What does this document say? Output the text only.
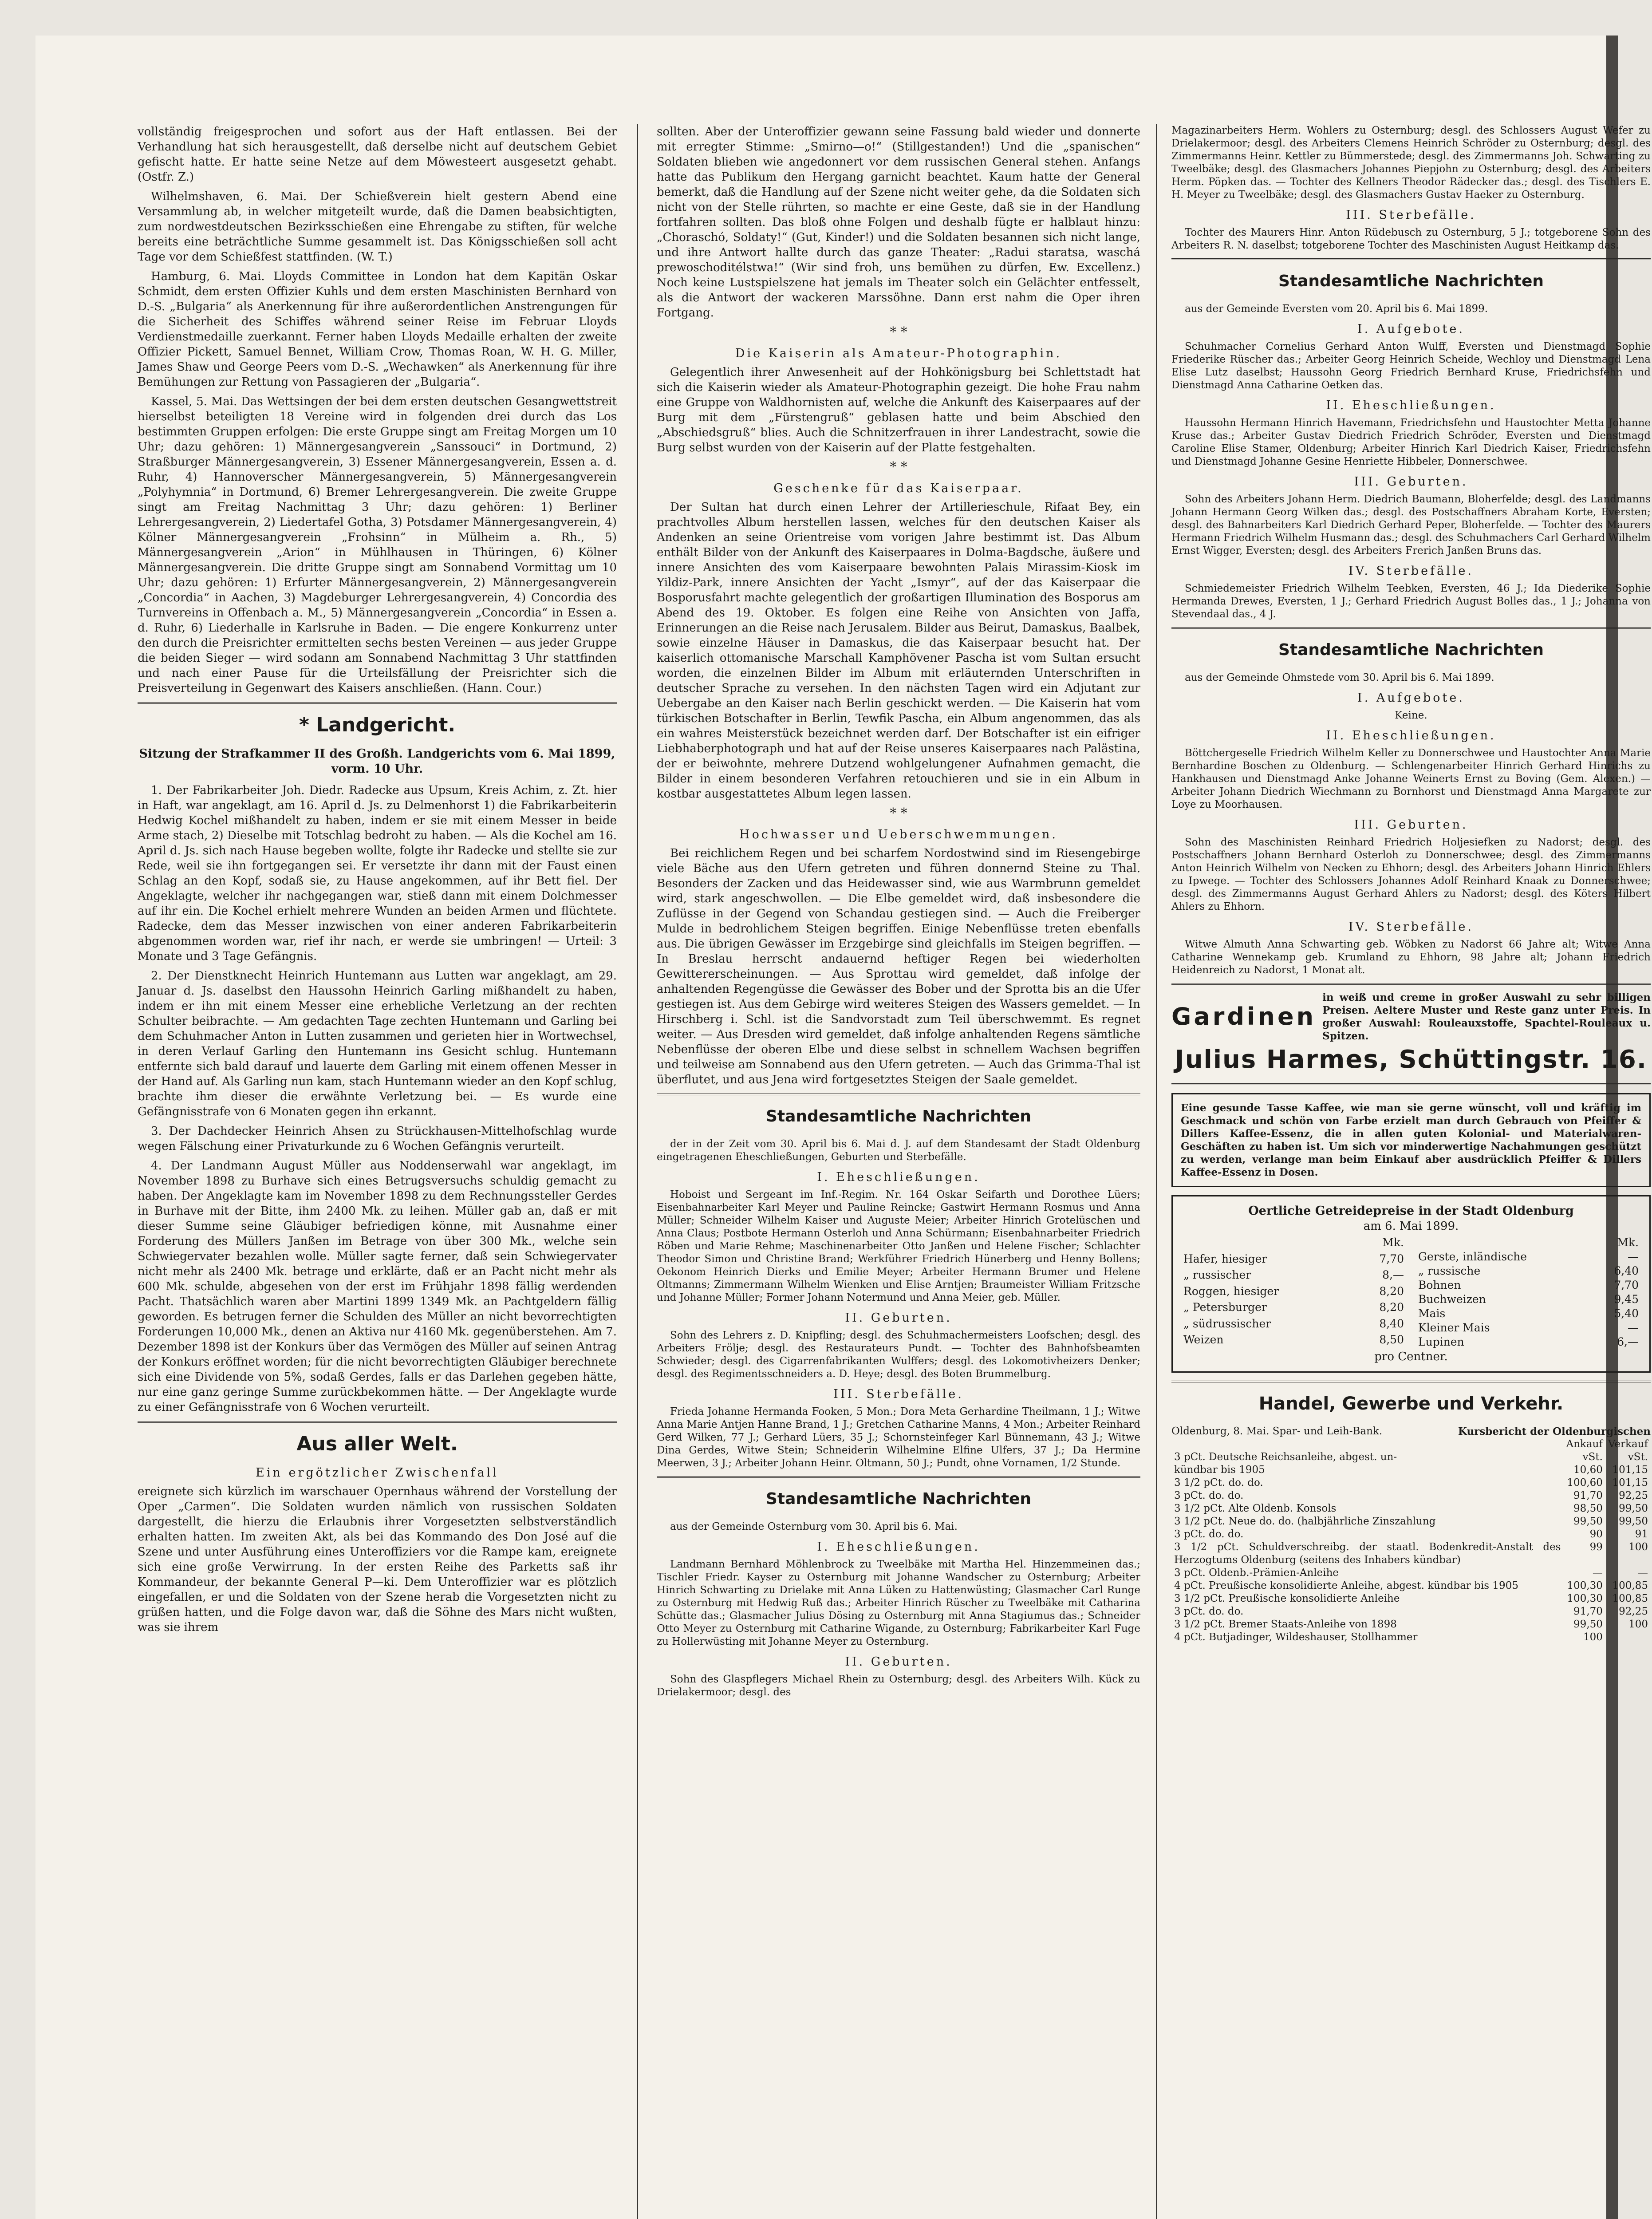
vollständig freigesprochen und sofort aus der Haft entlassen. Bei der Verhandlung hat sich herausgestellt, daß derselbe nicht auf deutschem Gebiet gefischt hatte. Er hatte seine Netze auf dem Möwesteert ausgesetzt gehabt. (Ostfr. Z.)

Wilhelmshaven, 6. Mai. Der Schießverein hielt gestern Abend eine Versammlung ab, in welcher mitgeteilt wurde, daß die Damen beabsichtigten, zum nordwestdeutschen Bezirksschießen eine Ehrengabe zu stiften, für welche bereits eine beträchtliche Summe gesammelt ist. Das Königsschießen soll acht Tage vor dem Schießfest stattfinden. (W. T.)

Hamburg, 6. Mai. Lloyds Committee in London hat dem Kapitän Oskar Schmidt, dem ersten Offizier Kuhls und dem ersten Maschinisten Bernhard von D.-S. „Bulgaria“ als Anerkennung für ihre außerordentlichen Anstrengungen für die Sicherheit des Schiffes während seiner Reise im Februar Lloyds Verdienstmedaille zuerkannt. Ferner haben Lloyds Medaille erhalten der zweite Offizier Pickett, Samuel Bennet, William Crow, Thomas Roan, W. H. G. Miller, James Shaw und George Peers vom D.-S. „Wechawken“ als Anerkennung für ihre Bemühungen zur Rettung von Passagieren der „Bulgaria“.

Kassel, 5. Mai. Das Wettsingen der bei dem ersten deutschen Gesangwettstreit hierselbst beteiligten 18 Vereine wird in folgenden drei durch das Los bestimmten Gruppen erfolgen: Die erste Gruppe singt am Freitag Morgen um 10 Uhr; dazu gehören: 1) Männergesangverein „Sanssouci“ in Dortmund, 2) Straßburger Männergesangverein, 3) Essener Männergesangverein, Essen a. d. Ruhr, 4) Hannoverscher Männergesangverein, 5) Männergesangverein „Polyhymnia“ in Dortmund, 6) Bremer Lehrergesangverein. Die zweite Gruppe singt am Freitag Nachmittag 3 Uhr; dazu gehören: 1) Berliner Lehrergesangverein, 2) Liedertafel Gotha, 3) Potsdamer Männergesangverein, 4) Kölner Männergesangverein „Frohsinn“ in Mülheim a. Rh., 5) Männergesangverein „Arion“ in Mühlhausen in Thüringen, 6) Kölner Männergesangverein. Die dritte Gruppe singt am Sonnabend Vormittag um 10 Uhr; dazu gehören: 1) Erfurter Männergesangverein, 2) Männergesangverein „Concordia“ in Aachen, 3) Magdeburger Lehrergesangverein, 4) Concordia des Turnvereins in Offenbach a. M., 5) Männergesangverein „Concordia“ in Essen a. d. Ruhr, 6) Liederhalle in Karlsruhe in Baden. — Die engere Konkurrenz unter den durch die Preisrichter ermittelten sechs besten Vereinen — aus jeder Gruppe die beiden Sieger — wird sodann am Sonnabend Nachmittag 3 Uhr stattfinden und nach einer Pause für die Urteilsfällung der Preisrichter sich die Preisverteilung in Gegenwart des Kaisers anschließen. (Hann. Cour.)

* Landgericht.
Sitzung der Strafkammer II des Großh. Landgerichts vom 6. Mai 1899, vorm. 10 Uhr.

1. Der Fabrikarbeiter Joh. Diedr. Radecke aus Upsum, Kreis Achim, z. Zt. hier in Haft, war angeklagt, am 16. April d. Js. zu Delmenhorst 1) die Fabrikarbeiterin Hedwig Kochel mißhandelt zu haben, indem er sie mit einem Messer in beide Arme stach, 2) Dieselbe mit Totschlag bedroht zu haben. — Als die Kochel am 16. April d. Js. sich nach Hause begeben wollte, folgte ihr Radecke und stellte sie zur Rede, weil sie ihn fortgegangen sei. Er versetzte ihr dann mit der Faust einen Schlag an den Kopf, sodaß sie, zu Hause angekommen, auf ihr Bett fiel. Der Angeklagte, welcher ihr nachgegangen war, stieß dann mit einem Dolchmesser auf ihr ein. Die Kochel erhielt mehrere Wunden an beiden Armen und flüchtete. Radecke, dem das Messer inzwischen von einer anderen Fabrikarbeiterin abgenommen worden war, rief ihr nach, er werde sie umbringen! — Urteil: 3 Monate und 3 Tage Gefängnis.

2. Der Dienstknecht Heinrich Huntemann aus Lutten war angeklagt, am 29. Januar d. Js. daselbst den Haussohn Heinrich Garling mißhandelt zu haben, indem er ihn mit einem Messer eine erhebliche Verletzung an der rechten Schulter beibrachte. — Am gedachten Tage zechten Huntemann und Garling bei dem Schuhmacher Anton in Lutten zusammen und gerieten hier in Wortwechsel, in deren Verlauf Garling den Huntemann ins Gesicht schlug. Huntemann entfernte sich bald darauf und lauerte dem Garling mit einem offenen Messer in der Hand auf. Als Garling nun kam, stach Huntemann wieder an den Kopf schlug, brachte ihm dieser die erwähnte Verletzung bei. — Es wurde eine Gefängnisstrafe von 6 Monaten gegen ihn erkannt.

3. Der Dachdecker Heinrich Ahsen zu Strückhausen-Mittelhofschlag wurde wegen Fälschung einer Privaturkunde zu 6 Wochen Gefängnis verurteilt.

4. Der Landmann August Müller aus Noddenserwahl war angeklagt, im November 1898 zu Burhave sich eines Betrugsversuchs schuldig gemacht zu haben. Der Angeklagte kam im November 1898 zu dem Rechnungssteller Gerdes in Burhave mit der Bitte, ihm 2400 Mk. zu leihen. Müller gab an, daß er mit dieser Summe seine Gläubiger befriedigen könne, mit Ausnahme einer Forderung des Müllers Janßen im Betrage von über 300 Mk., welche sein Schwiegervater bezahlen wolle. Müller sagte ferner, daß sein Schwiegervater nicht mehr als 2400 Mk. betrage und erklärte, daß er an Pacht nicht mehr als 600 Mk. schulde, abgesehen von der erst im Frühjahr 1898 fällig werdenden Pacht. Thatsächlich waren aber Martini 1899 1349 Mk. an Pachtgeldern fällig geworden. Es betrugen ferner die Schulden des Müller an nicht bevorrechtigten Forderungen 10,000 Mk., denen an Aktiva nur 4160 Mk. gegenüberstehen. Am 7. Dezember 1898 ist der Konkurs über das Vermögen des Müller auf seinen Antrag der Konkurs eröffnet worden; für die nicht bevorrechtigten Gläubiger berechnete sich eine Dividende von 5%, sodaß Gerdes, falls er das Darlehen gegeben hätte, nur eine ganz geringe Summe zurückbekommen hätte. — Der Angeklagte wurde zu einer Gefängnisstrafe von 6 Wochen verurteilt.

Aus aller Welt.
Ein ergötzlicher Zwischenfall

ereignete sich kürzlich im warschauer Opernhaus während der Vorstellung der Oper „Carmen“. Die Soldaten wurden nämlich von russischen Soldaten dargestellt, die hierzu die Erlaubnis ihrer Vorgesetzten selbstverständlich erhalten hatten. Im zweiten Akt, als bei das Kommando des Don José auf die Szene und unter Ausführung eines Unteroffiziers vor die Rampe kam, ereignete sich eine große Verwirrung. In der ersten Reihe des Parketts saß ihr Kommandeur, der bekannte General P—ki. Dem Unteroffizier war es plötzlich eingefallen, er und die Soldaten von der Szene herab die Vorgesetzten nicht zu grüßen hatten, und die Folge davon war, daß die Söhne des Mars nicht wußten, was sie ihrem

sollten. Aber der Unteroffizier gewann seine Fassung bald wieder und donnerte mit erregter Stimme: „Smirno—o!“ (Stillgestanden!) Und die „spanischen“ Soldaten blieben wie angedonnert vor dem russischen General stehen. Anfangs hatte das Publikum den Hergang garnicht beachtet. Kaum hatte der General bemerkt, daß die Handlung auf der Szene nicht weiter gehe, da die Soldaten sich nicht von der Stelle rührten, so machte er eine Geste, daß sie in der Handlung fortfahren sollten. Das bloß ohne Folgen und deshalb fügte er halblaut hinzu: „Choraschó, Soldaty!“ (Gut, Kinder!) und die Soldaten besannen sich nicht lange, und ihre Antwort hallte durch das ganze Theater: „Radui staratsa, waschá prewoschoditélstwa!“ (Wir sind froh, uns bemühen zu dürfen, Ew. Excellenz.) Noch keine Lustspielszene hat jemals im Theater solch ein Gelächter entfesselt, als die Antwort der wackeren Marssöhne. Dann erst nahm die Oper ihren Fortgang.

* *
Die Kaiserin als Amateur-Photographin.

Gelegentlich ihrer Anwesenheit auf der Hohkönigsburg bei Schlettstadt hat sich die Kaiserin wieder als Amateur-Photographin gezeigt. Die hohe Frau nahm eine Gruppe von Waldhornisten auf, welche die Ankunft des Kaiserpaares auf der Burg mit dem „Fürstengruß“ geblasen hatte und beim Abschied den „Abschiedsgruß“ blies. Auch die Schnitzerfrauen in ihrer Landestracht, sowie die Burg selbst wurden von der Kaiserin auf der Platte festgehalten.

* *
Geschenke für das Kaiserpaar.

Der Sultan hat durch einen Lehrer der Artillerieschule, Rifaat Bey, ein prachtvolles Album herstellen lassen, welches für den deutschen Kaiser als Andenken an seine Orientreise vom vorigen Jahre bestimmt ist. Das Album enthält Bilder von der Ankunft des Kaiserpaares in Dolma-Bagdsche, äußere und innere Ansichten des vom Kaiserpaare bewohnten Palais Mirassim-Kiosk im Yildiz-Park, innere Ansichten der Yacht „Ismyr“, auf der das Kaiserpaar die Bosporusfahrt machte gelegentlich der großartigen Illumination des Bosporus am Abend des 19. Oktober. Es folgen eine Reihe von Ansichten von Jaffa, Erinnerungen an die Reise nach Jerusalem. Bilder aus Beirut, Damaskus, Baalbek, sowie einzelne Häuser in Damaskus, die das Kaiserpaar besucht hat. Der kaiserlich ottomanische Marschall Kamphövener Pascha ist vom Sultan ersucht worden, die einzelnen Bilder im Album mit erläuternden Unterschriften in deutscher Sprache zu versehen. In den nächsten Tagen wird ein Adjutant zur Uebergabe an den Kaiser nach Berlin geschickt werden. — Die Kaiserin hat vom türkischen Botschafter in Berlin, Tewfik Pascha, ein Album angenommen, das als ein wahres Meisterstück bezeichnet werden darf. Der Botschafter ist ein eifriger Liebhaberphotograph und hat auf der Reise unseres Kaiserpaares nach Palästina, der er beiwohnte, mehrere Dutzend wohlgelungener Aufnahmen gemacht, die Bilder in einem besonderen Verfahren retouchieren und sie in ein Album in kostbar ausgestattetes Album legen lassen.

* *
Hochwasser und Ueberschwemmungen.

Bei reichlichem Regen und bei scharfem Nordostwind sind im Riesengebirge viele Bäche aus den Ufern getreten und führen donnernd Steine zu Thal. Besonders der Zacken und das Heidewasser sind, wie aus Warmbrunn gemeldet wird, stark angeschwollen. — Die Elbe gemeldet wird, daß insbesondere die Zuflüsse in der Gegend von Schandau gestiegen sind. — Auch die Freiberger Mulde in bedrohlichem Steigen begriffen. Einige Nebenflüsse treten ebenfalls aus. Die übrigen Gewässer im Erzgebirge sind gleichfalls im Steigen begriffen. — In Breslau herrscht andauernd heftiger Regen bei wiederholten Gewittererscheinungen. — Aus Sprottau wird gemeldet, daß infolge der anhaltenden Regengüsse die Gewässer des Bober und der Sprotta bis an die Ufer gestiegen ist. Aus dem Gebirge wird weiteres Steigen des Wassers gemeldet. — In Hirschberg i. Schl. ist die Sandvorstadt zum Teil überschwemmt. Es regnet weiter. — Aus Dresden wird gemeldet, daß infolge anhaltenden Regens sämtliche Nebenflüsse der oberen Elbe und diese selbst in schnellem Wachsen begriffen und teilweise am Sonnabend aus den Ufern getreten. — Auch das Grimma-Thal ist überflutet, und aus Jena wird fortgesetztes Steigen der Saale gemeldet.

Standesamtliche Nachrichten

der in der Zeit vom 30. April bis 6. Mai d. J. auf dem Standesamt der Stadt Oldenburg eingetragenen Eheschließungen, Geburten und Sterbefälle.

I. Eheschließungen.

Hoboist und Sergeant im Inf.-Regim. Nr. 164 Oskar Seifarth und Dorothee Lüers; Eisenbahnarbeiter Karl Meyer und Pauline Reincke; Gastwirt Hermann Rosmus und Anna Müller; Schneider Wilhelm Kaiser und Auguste Meier; Arbeiter Hinrich Grotelüschen und Anna Claus; Postbote Hermann Osterloh und Anna Schürmann; Eisenbahnarbeiter Friedrich Röben und Marie Rehme; Maschinenarbeiter Otto Janßen und Helene Fischer; Schlachter Theodor Simon und Christine Brand; Werkführer Friedrich Hünerberg und Henny Bollens; Oekonom Heinrich Dierks und Emilie Meyer; Arbeiter Hermann Brumer und Helene Oltmanns; Zimmermann Wilhelm Wienken und Elise Arntjen; Braumeister William Fritzsche und Johanne Müller; Former Johann Notermund und Anna Meier, geb. Müller.

II. Geburten.

Sohn des Lehrers z. D. Knipfling; desgl. des Schuhmachermeisters Loofschen; desgl. des Arbeiters Frölje; desgl. des Restaurateurs Pundt. — Tochter des Bahnhofsbeamten Schwieder; desgl. des Cigarrenfabrikanten Wulffers; desgl. des Lokomotivheizers Denker; desgl. des Regimentsschneiders a. D. Heye; desgl. des Boten Brummelburg.

III. Sterbefälle.

Frieda Johanne Hermanda Fooken, 5 Mon.; Dora Meta Gerhardine Theilmann, 1 J.; Witwe Anna Marie Antjen Hanne Brand, 1 J.; Gretchen Catharine Manns, 4 Mon.; Arbeiter Reinhard Gerd Wilken, 77 J.; Gerhard Lüers, 35 J.; Schornsteinfeger Karl Bünnemann, 43 J.; Witwe Dina Gerdes, Witwe Stein; Schneiderin Wilhelmine Elfine Ulfers, 37 J.; Da Hermine Meerwen, 3 J.; Arbeiter Johann Heinr. Oltmann, 50 J.; Pundt, ohne Vornamen, 1/2 Stunde.

Standesamtliche Nachrichten

aus der Gemeinde Osternburg vom 30. April bis 6. Mai.

I. Eheschließungen.

Landmann Bernhard Möhlenbrock zu Tweelbäke mit Martha Hel. Hinzemmeinen das.; Tischler Friedr. Kayser zu Osternburg mit Johanne Wandscher zu Osternburg; Arbeiter Hinrich Schwarting zu Drielake mit Anna Lüken zu Hattenwüsting; Glasmacher Carl Runge zu Osternburg mit Hedwig Ruß das.; Arbeiter Hinrich Rüscher zu Tweelbäke mit Catharina Schütte das.; Glasmacher Julius Dösing zu Osternburg mit Anna Stagiumus das.; Schneider Otto Meyer zu Osternburg mit Catharine Wigande, zu Osternburg; Fabrikarbeiter Karl Fuge zu Hollerwüsting mit Johanne Meyer zu Osternburg.

II. Geburten.

Sohn des Glaspflegers Michael Rhein zu Osternburg; desgl. des Arbeiters Wilh. Kück zu Drielakermoor; desgl. des

Magazinarbeiters Herm. Wohlers zu Osternburg; desgl. des Schlossers August Wefer zu Drielakermoor; desgl. des Arbeiters Clemens Heinrich Schröder zu Osternburg; desgl. des Zimmermanns Heinr. Kettler zu Bümmerstede; desgl. des Zimmermanns Joh. Schwarting zu Tweelbäke; desgl. des Glasmachers Johannes Piepjohn zu Osternburg; desgl. des Arbeiters Herm. Pöpken das. — Tochter des Kellners Theodor Rädecker das.; desgl. des Tischlers E. H. Meyer zu Tweelbäke; desgl. des Glasmachers Gustav Haeker zu Osternburg.

III. Sterbefälle.

Tochter des Maurers Hinr. Anton Rüdebusch zu Osternburg, 5 J.; totgeborene Sohn des Arbeiters R. N. daselbst; totgeborene Tochter des Maschinisten August Heitkamp das.

Standesamtliche Nachrichten

aus der Gemeinde Eversten vom 20. April bis 6. Mai 1899.

I. Aufgebote.

Schuhmacher Cornelius Gerhard Anton Wulff, Eversten und Dienstmagd Sophie Friederike Rüscher das.; Arbeiter Georg Heinrich Scheide, Wechloy und Dienstmagd Lena Elise Lutz daselbst; Haussohn Georg Friedrich Bernhard Kruse, Friedrichsfehn und Dienstmagd Anna Catharine Oetken das.

II. Eheschließungen.

Haussohn Hermann Hinrich Havemann, Friedrichsfehn und Haustochter Metta Johanne Kruse das.; Arbeiter Gustav Diedrich Friedrich Schröder, Eversten und Dienstmagd Caroline Elise Stamer, Oldenburg; Arbeiter Hinrich Karl Diedrich Kaiser, Friedrichsfehn und Dienstmagd Johanne Gesine Henriette Hibbeler, Donnerschwee.

III. Geburten.

Sohn des Arbeiters Johann Herm. Diedrich Baumann, Bloherfelde; desgl. des Landmanns Johann Hermann Georg Wilken das.; desgl. des Postschaffners Abraham Korte, Eversten; desgl. des Bahnarbeiters Karl Diedrich Gerhard Peper, Bloherfelde. — Tochter des Maurers Hermann Friedrich Wilhelm Husmann das.; desgl. des Schuhmachers Carl Gerhard Wilhelm Ernst Wigger, Eversten; desgl. des Arbeiters Frerich Janßen Bruns das.

IV. Sterbefälle.

Schmiedemeister Friedrich Wilhelm Teebken, Eversten, 46 J.; Ida Diederike Sophie Hermanda Drewes, Eversten, 1 J.; Gerhard Friedrich August Bolles das., 1 J.; Johanna von Stevendaal das., 4 J.

Standesamtliche Nachrichten

aus der Gemeinde Ohmstede vom 30. April bis 6. Mai 1899.

I. Aufgebote.
Keine.
II. Eheschließungen.

Böttchergeselle Friedrich Wilhelm Keller zu Donnerschwee und Haustochter Anna Marie Bernhardine Boschen zu Oldenburg. — Schlengenarbeiter Hinrich Gerhard Hinrichs zu Hankhausen und Dienstmagd Anke Johanne Weinerts Ernst zu Boving (Gem. Alexen.) — Arbeiter Johann Diedrich Wiechmann zu Bornhorst und Dienstmagd Anna Margarete zur Loye zu Moorhausen.

III. Geburten.

Sohn des Maschinisten Reinhard Friedrich Holjesiefken zu Nadorst; desgl. des Postschaffners Johann Bernhard Osterloh zu Donnerschwee; desgl. des Zimmermanns Anton Heinrich Wilhelm von Necken zu Ehhorn; desgl. des Arbeiters Johann Hinrich Ehlers zu Ipwege. — Tochter des Schlossers Johannes Adolf Reinhard Knaak zu Donnerschwee; desgl. des Zimmermanns August Gerhard Ahlers zu Nadorst; desgl. des Köters Hilbert Ahlers zu Ehhorn.

IV. Sterbefälle.

Witwe Almuth Anna Schwarting geb. Wöbken zu Nadorst 66 Jahre alt; Witwe Anna Catharine Wennekamp geb. Krumland zu Ehhorn, 98 Jahre alt; Johann Friedrich Heidenreich zu Nadorst, 1 Monat alt.

Gardinen
in weiß und creme in großer Auswahl zu sehr billigen Preisen. Aeltere Muster und Reste ganz unter Preis. In großer Auswahl: Rouleauxstoffe, Spachtel-Rouleaux u. Spitzen.
Julius Harmes, Schüttingstr. 16.
Eine gesunde Tasse Kaffee, wie man sie gerne wünscht, voll und kräftig im Geschmack und schön von Farbe erzielt man durch Gebrauch von Pfeiffer & Dillers Kaffee-Essenz, die in allen guten Kolonial- und Materialwaren-Geschäften zu haben ist. Um sich vor minderwertige Nachahmungen geschützt zu werden, verlange man beim Einkauf aber ausdrücklich Pfeiffer & Dillers Kaffee-Essenz in Dosen.
Oertliche Getreidepreise in der Stadt Oldenburg
am 6. Mai 1899.
	Mk.
Hafer, hiesiger	7,70
„ russischer	8,—
Roggen, hiesiger	8,20
„ Petersburger	8,20
„ südrussischer	8,40
Weizen	8,50
	Mk.
Gerste, inländische	—
„ russische	6,40
Bohnen	7,70
Buchweizen	9,45
Mais	5,40
Kleiner Mais	—
Lupinen	6,—
pro Centner.
Handel, Gewerbe und Verkehr.
Oldenburg, 8. Mai. Spar- und Leih-Bank.	Kursbericht der Oldenburgischen
	Ankauf	Verkauf
3 pCt. Deutsche Reichsanleihe, abgest. un-	vSt.	vSt.
kündbar bis 1905	10,60	101,15
3 1/2 pCt. do. do.	100,60	101,15
3 pCt. do. do.	91,70	92,25
3 1/2 pCt. Alte Oldenb. Konsols	98,50	99,50
3 1/2 pCt. Neue do. do. (halbjährliche Zinszahlung	99,50	99,50
3 pCt. do. do.	90	91
3 1/2 pCt. Schuldverschreibg. der staatl. Bodenkredit-Anstalt des Herzogtums Oldenburg (seitens des Inhabers kündbar)	99	100
3 pCt. Oldenb.-Prämien-Anleihe	—	—
4 pCt. Preußische konsolidierte Anleihe, abgest. kündbar bis 1905	100,30	100,85
3 1/2 pCt. Preußische konsolidierte Anleihe	100,30	100,85
3 pCt. do. do.	91,70	92,25
3 1/2 pCt. Bremer Staats-Anleihe von 1898	99,50	100
4 pCt. Butjadinger, Wildeshauser, Stollhammer	100	
